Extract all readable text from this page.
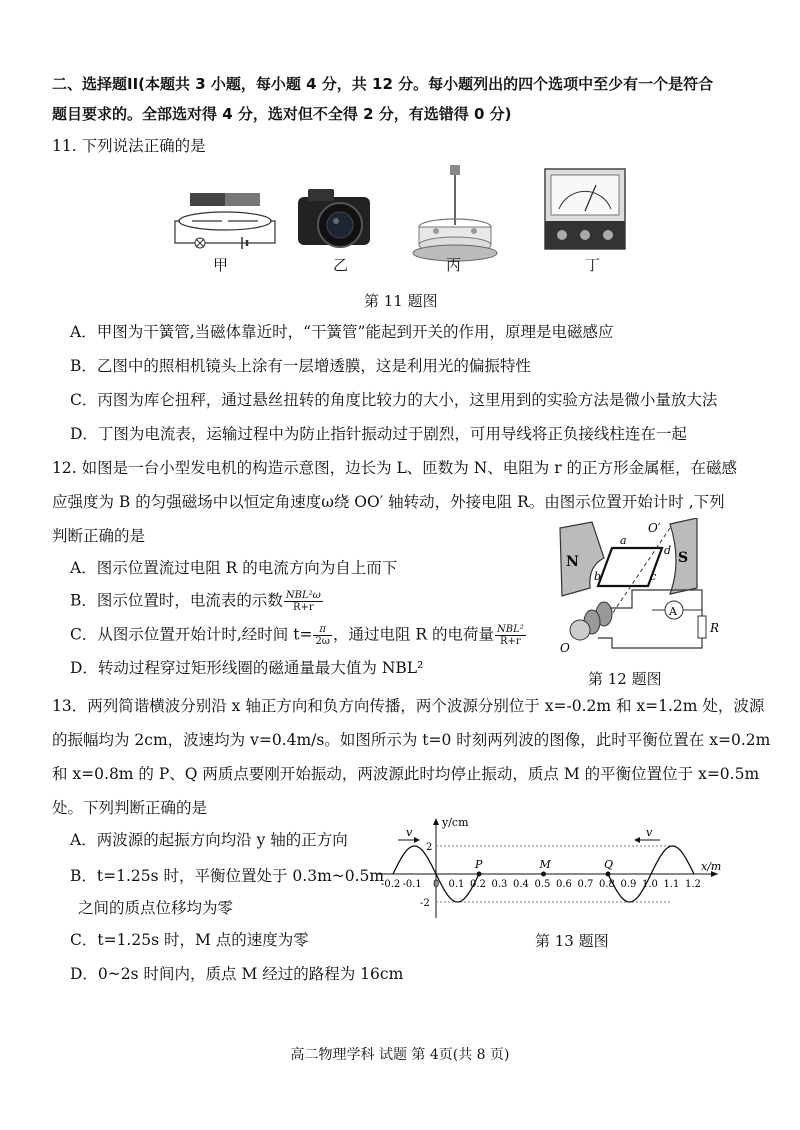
二、选择题II(本题共 3 小题，每小题 4 分，共 12 分。每小题列出的四个选项中至少有一个是符合
题目要求的。全部选对得 4 分，选对但不全得 2 分，有选错得 0 分)
11. 下列说法正确的是
甲	乙	丙	丁
第 11 题图
A．甲图为干簧管,当磁体靠近时，“干簧管”能起到开关的作用，原理是电磁感应
B．乙图中的照相机镜头上涂有一层增透膜，这是利用光的偏振特性
C．丙图为库仑扭秤，通过悬丝扭转的角度比较力的大小，这里用到的实验方法是微小量放大法
D．丁图为电流表，运输过程中为防止指针振动过于剧烈，可用导线将正负接线柱连在一起
12. 如图是一台小型发电机的构造示意图，边长为 L、匝数为 N、电阻为 r 的正方形金属框，在磁感
应强度为 B 的匀强磁场中以恒定角速度ω绕 OO′ 轴转动，外接电阻 R。由图示位置开始计时 ,下列
判断正确的是
A．图示位置流过电阻 R 的电流方向为自上而下
B．图示位置时，电流表的示数 $\frac{\text{NBL²ω}}{R+r}$
C．从图示位置开始计时,经时间 $t= \frac{\pi}{2\omega}$ ，通过电阻 R 的电荷量 $\frac{\text{NBL²}}{R+r}$
D．转动过程穿过矩形线圈的磁通量最大值为 NBL²
N	S
O′
a
d
b	c
A
R
O
第 12 题图
13．两列简谐横波分别沿 x 轴正方向和负方向传播，两个波源分别位于 x=-0.2m 和 x=1.2m 处，波源
的振幅均为 2cm，波速均为 v=0.4m/s。如图所示为 t=0 时刻两列波的图像，此时平衡位置在 x=0.2m
和 x=0.8m 的 P、Q 两质点要刚开始振动，两波源此时均停止振动，质点 M 的平衡位置位于 x=0.5m
处。下列判断正确的是
A．两波源的起振方向均沿 y 轴的正方向
B．t=1.25s 时，平衡位置处于 0.3m~0.5m
之间的质点位移均为零
C．t=1.25s 时，M 点的速度为零
D．0~2s 时间内，质点 M 经过的路程为 16cm
y/cm
x/m
2
-2
-0.2 -0.1 0 0.1 0.2 0.3 0.4 0.5 0.6 0.7 0.8 0.9 1.0 1.1 1.2
P	M	Q
v	v
第 13 题图
高二物理学科 试题 第 4页(共 8 页)
